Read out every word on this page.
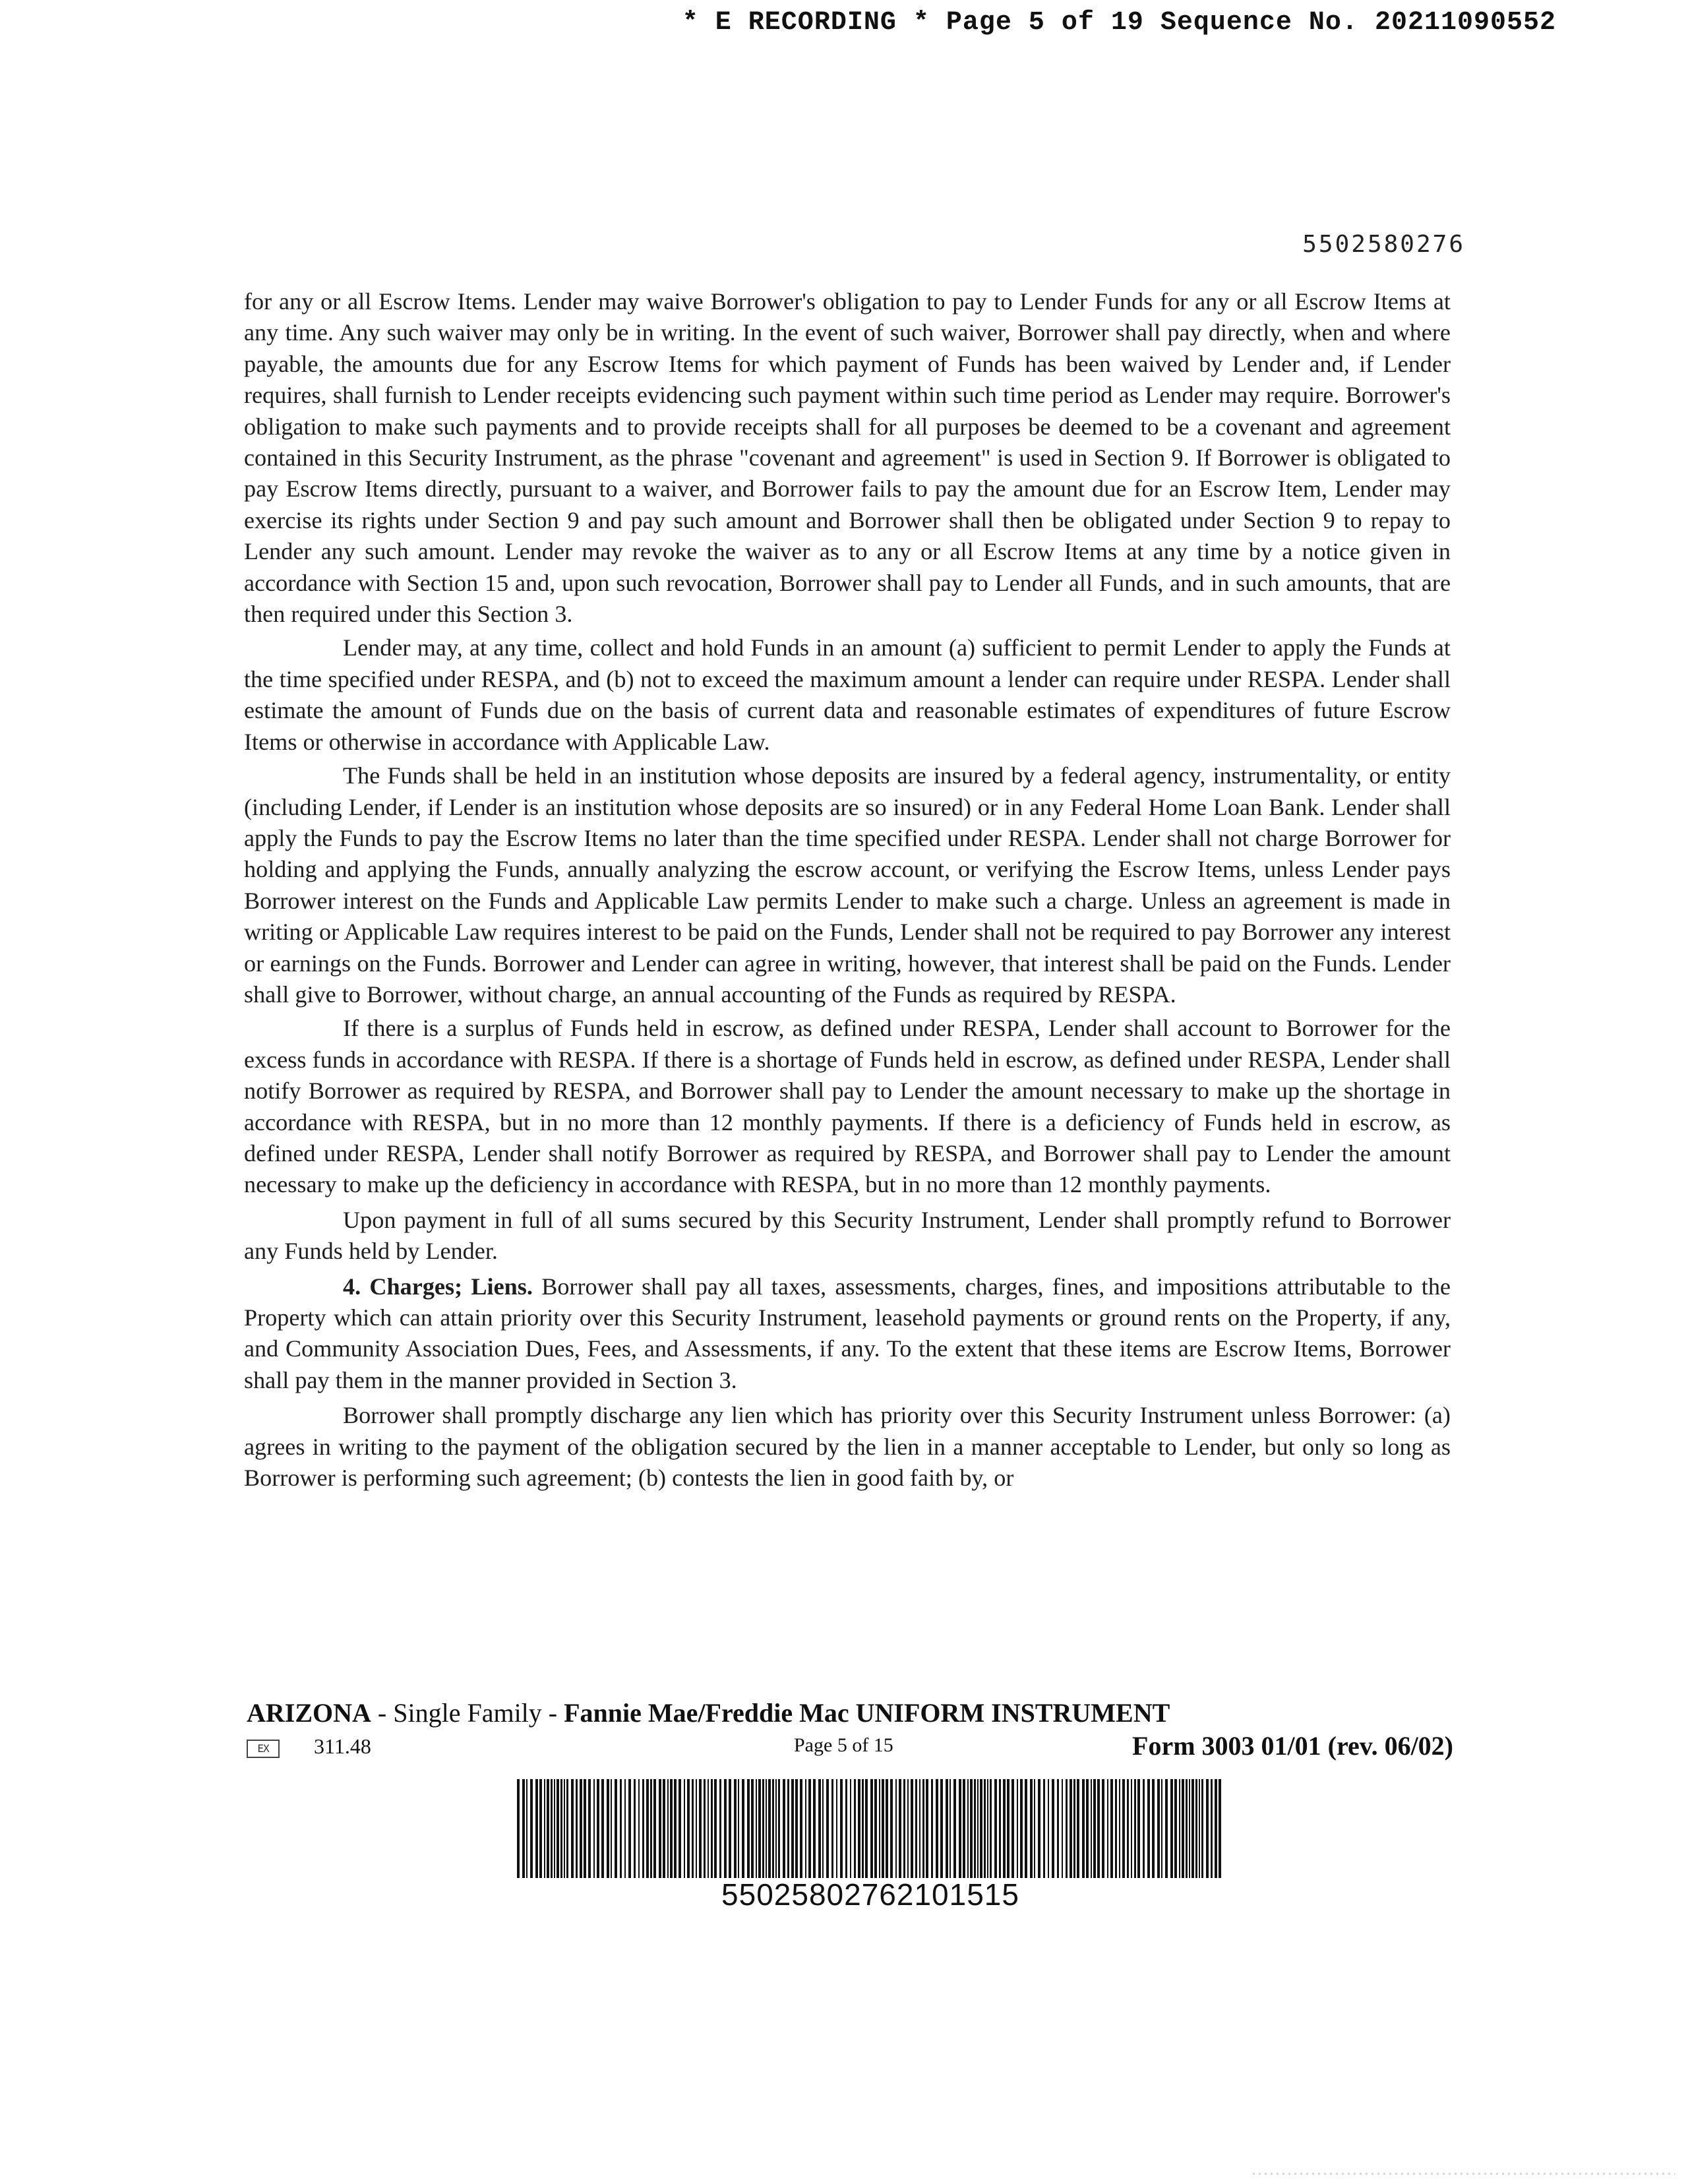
* E RECORDING * Page 5 of 19 Sequence No. 20211090552
5502580276

for any or all Escrow Items. Lender may waive Borrower's obligation to pay to Lender Funds for any or all Escrow Items at any time. Any such waiver may only be in writing. In the event of such waiver, Borrower shall pay directly, when and where payable, the amounts due for any Escrow Items for which payment of Funds has been waived by Lender and, if Lender requires, shall furnish to Lender receipts evidencing such payment within such time period as Lender may require. Borrower's obligation to make such payments and to provide receipts shall for all purposes be deemed to be a covenant and agreement contained in this Security Instrument, as the phrase "covenant and agreement" is used in Section 9. If Borrower is obligated to pay Escrow Items directly, pursuant to a waiver, and Borrower fails to pay the amount due for an Escrow Item, Lender may exercise its rights under Section 9 and pay such amount and Borrower shall then be obligated under Section 9 to repay to Lender any such amount. Lender may revoke the waiver as to any or all Escrow Items at any time by a notice given in accordance with Section 15 and, upon such revocation, Borrower shall pay to Lender all Funds, and in such amounts, that are then required under this Section 3.

Lender may, at any time, collect and hold Funds in an amount (a) sufficient to permit Lender to apply the Funds at the time specified under RESPA, and (b) not to exceed the maximum amount a lender can require under RESPA. Lender shall estimate the amount of Funds due on the basis of current data and reasonable estimates of expenditures of future Escrow Items or otherwise in accordance with Applicable Law.

The Funds shall be held in an institution whose deposits are insured by a federal agency, instrumentality, or entity (including Lender, if Lender is an institution whose deposits are so insured) or in any Federal Home Loan Bank. Lender shall apply the Funds to pay the Escrow Items no later than the time specified under RESPA. Lender shall not charge Borrower for holding and applying the Funds, annually analyzing the escrow account, or verifying the Escrow Items, unless Lender pays Borrower interest on the Funds and Applicable Law permits Lender to make such a charge. Unless an agreement is made in writing or Applicable Law requires interest to be paid on the Funds, Lender shall not be required to pay Borrower any interest or earnings on the Funds. Borrower and Lender can agree in writing, however, that interest shall be paid on the Funds. Lender shall give to Borrower, without charge, an annual accounting of the Funds as required by RESPA.

If there is a surplus of Funds held in escrow, as defined under RESPA, Lender shall account to Borrower for the excess funds in accordance with RESPA. If there is a shortage of Funds held in escrow, as defined under RESPA, Lender shall notify Borrower as required by RESPA, and Borrower shall pay to Lender the amount necessary to make up the shortage in accordance with RESPA, but in no more than 12 monthly payments. If there is a deficiency of Funds held in escrow, as defined under RESPA, Lender shall notify Borrower as required by RESPA, and Borrower shall pay to Lender the amount necessary to make up the deficiency in accordance with RESPA, but in no more than 12 monthly payments.

Upon payment in full of all sums secured by this Security Instrument, Lender shall promptly refund to Borrower any Funds held by Lender.

4. Charges; Liens. Borrower shall pay all taxes, assessments, charges, fines, and impositions attributable to the Property which can attain priority over this Security Instrument, leasehold payments or ground rents on the Property, if any, and Community Association Dues, Fees, and Assessments, if any. To the extent that these items are Escrow Items, Borrower shall pay them in the manner provided in Section 3.

Borrower shall promptly discharge any lien which has priority over this Security Instrument unless Borrower: (a) agrees in writing to the payment of the obligation secured by the lien in a manner acceptable to Lender, but only so long as Borrower is performing such agreement; (b) contests the lien in good faith by, or

ARIZONA - Single Family - Fannie Mae/Freddie Mac UNIFORM INSTRUMENT
EX	311.48	Page 5 of 15	Form 3003 01/01 (rev. 06/02)
55025802762101515
